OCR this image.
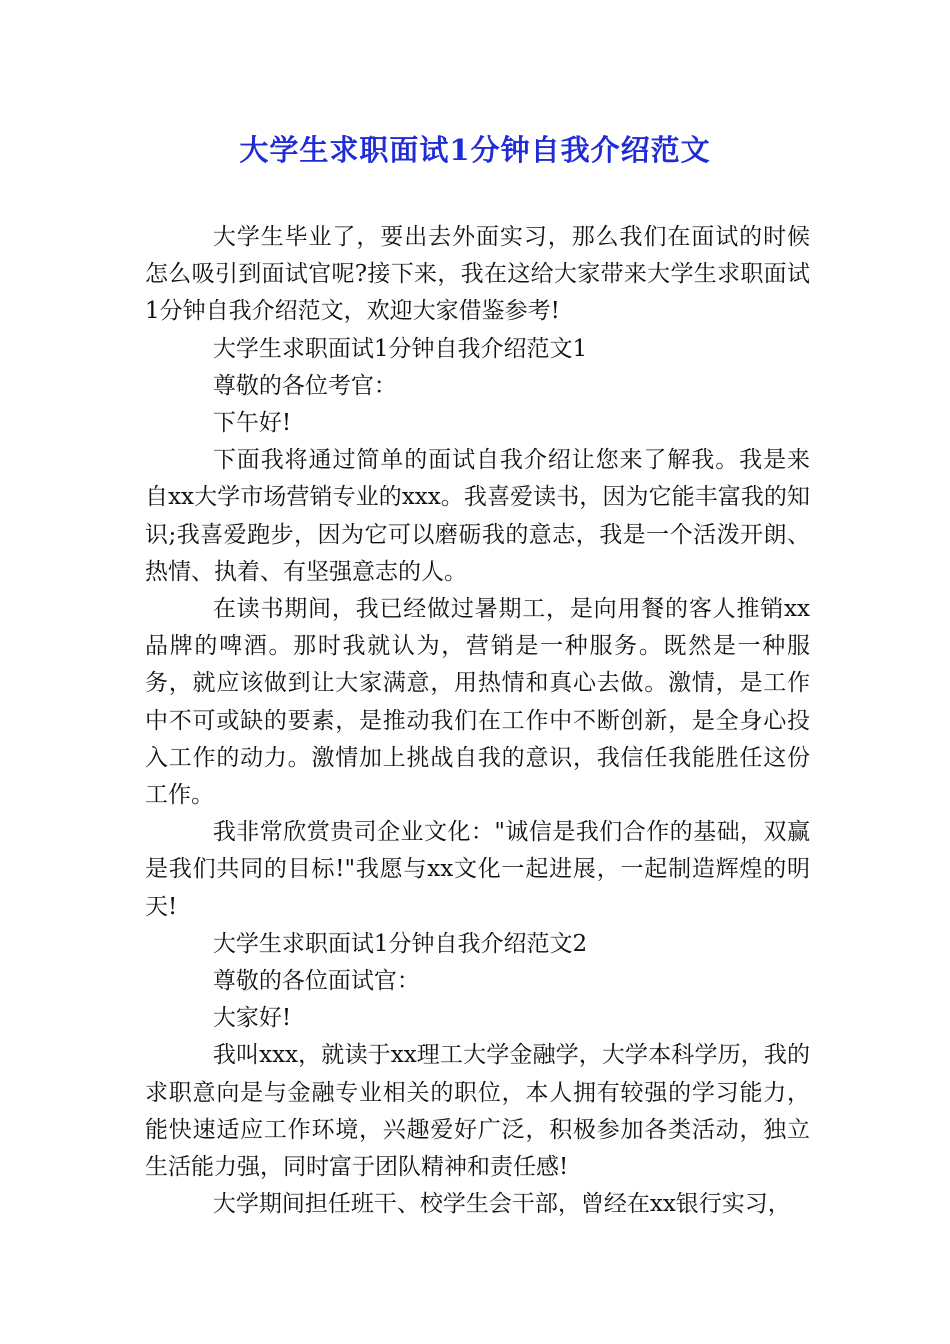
大学生求职面试1分钟自我介绍范文

大学生毕业了，要出去外面实习，那么我们在面试的时候怎么吸引到面试官呢?接下来，我在这给大家带来大学生求职面试1分钟自我介绍范文，欢迎大家借鉴参考!

大学生求职面试1分钟自我介绍范文1

尊敬的各位考官：

下午好!

下面我将通过简单的面试自我介绍让您来了解我。我是来自xx大学市场营销专业的xxx。我喜爱读书，因为它能丰富我的知识;我喜爱跑步，因为它可以磨砺我的意志，我是一个活泼开朗、热情、执着、有坚强意志的人。

在读书期间，我已经做过暑期工，是向用餐的客人推销xx品牌的啤酒。那时我就认为，营销是一种服务。既然是一种服务，就应该做到让大家满意，用热情和真心去做。激情，是工作中不可或缺的要素，是推动我们在工作中不断创新，是全身心投入工作的动力。激情加上挑战自我的意识，我信任我能胜任这份工作。

我非常欣赏贵司企业文化："诚信是我们合作的基础，双赢是我们共同的目标!"我愿与xx文化一起进展，一起制造辉煌的明天!

大学生求职面试1分钟自我介绍范文2

尊敬的各位面试官：

大家好!

我叫xxx，就读于xx理工大学金融学，大学本科学历，我的求职意向是与金融专业相关的职位，本人拥有较强的学习能力，能快速适应工作环境，兴趣爱好广泛，积极参加各类活动，独立生活能力强，同时富于团队精神和责任感!

大学期间担任班干、校学生会干部，曾经在xx银行实习，
